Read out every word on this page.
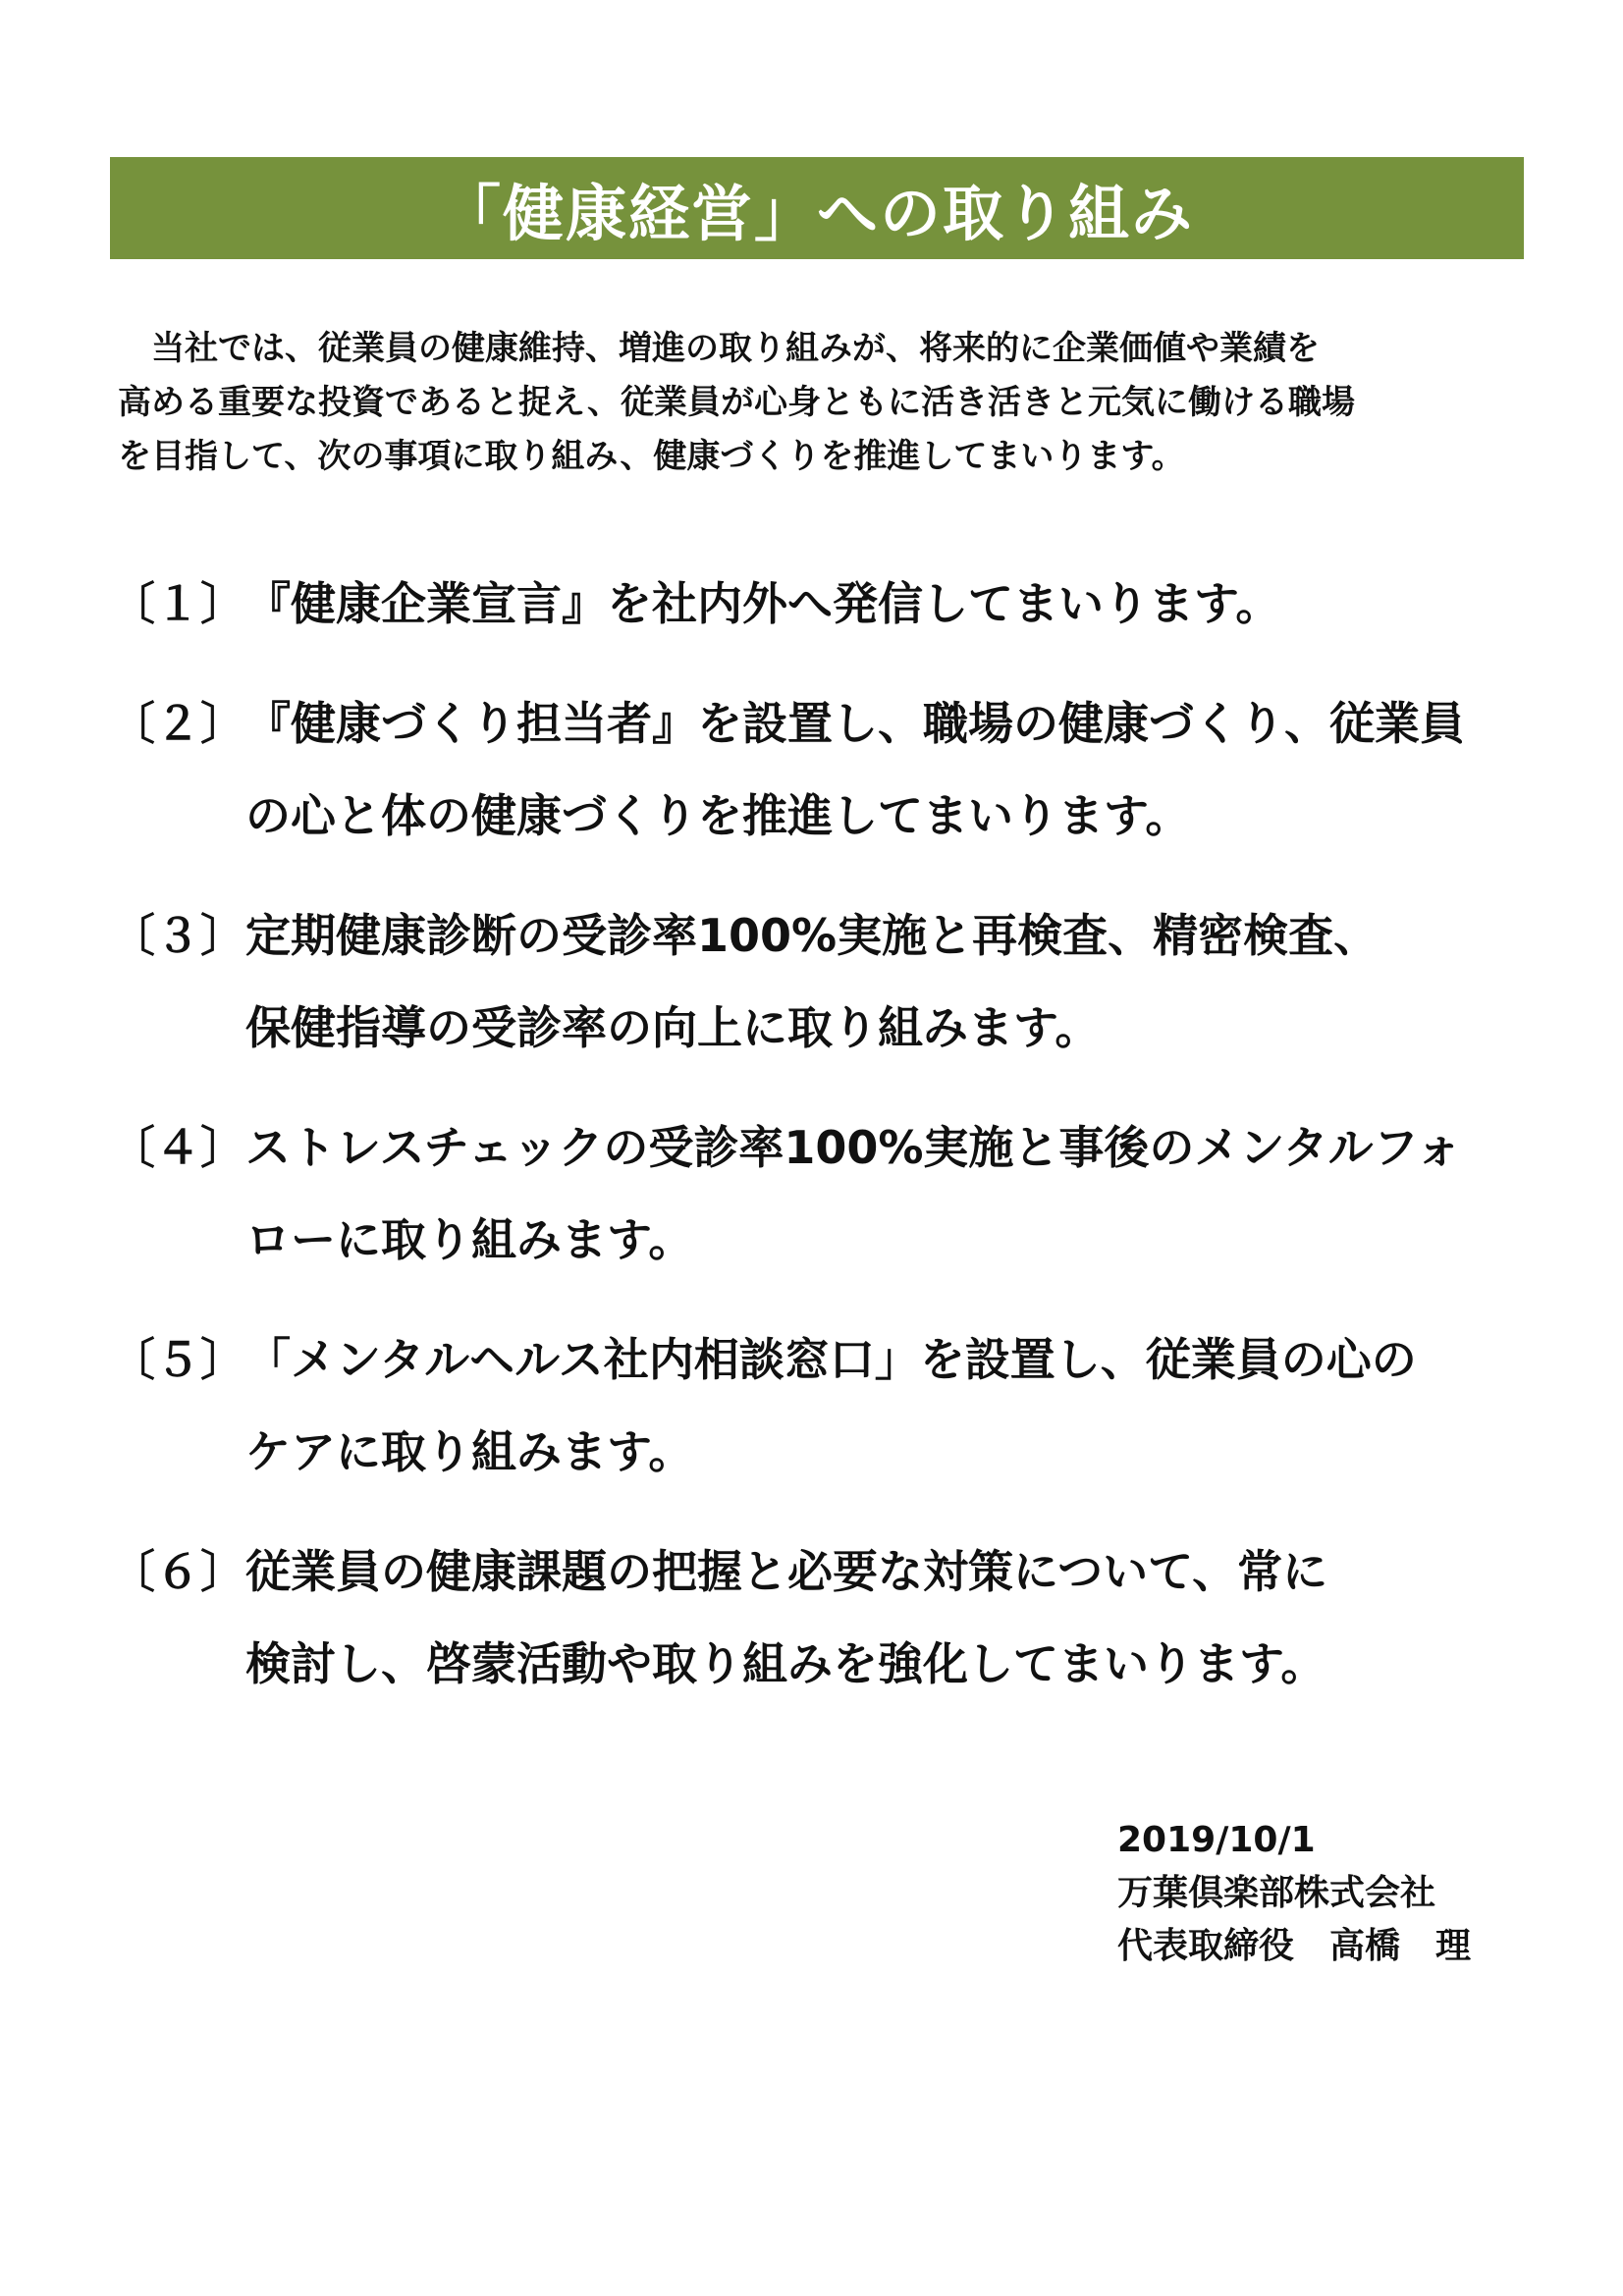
「健康経営」への取り組み
　当社では、従業員の健康維持、増進の取り組みが、将来的に企業価値や業績を
高める重要な投資であると捉え、従業員が心身ともに活き活きと元気に働ける職場
を目指して、次の事項に取り組み、健康づくりを推進してまいります。
〔１〕『健康企業宣言』を社内外へ発信してまいります。
〔２〕『健康づくり担当者』を設置し、職場の健康づくり、従業員
の心と体の健康づくりを推進してまいります。
〔３〕定期健康診断の受診率100%実施と再検査、精密検査、
保健指導の受診率の向上に取り組みます。
〔４〕ストレスチェックの受診率100%実施と事後のメンタルフォ
ローに取り組みます。
〔５〕「メンタルヘルス社内相談窓口」を設置し、従業員の心の
ケアに取り組みます。
〔６〕従業員の健康課題の把握と必要な対策について、常に
検討し、啓蒙活動や取り組みを強化してまいります。
2019/10/1
万葉倶楽部株式会社
代表取締役　高橋　理
